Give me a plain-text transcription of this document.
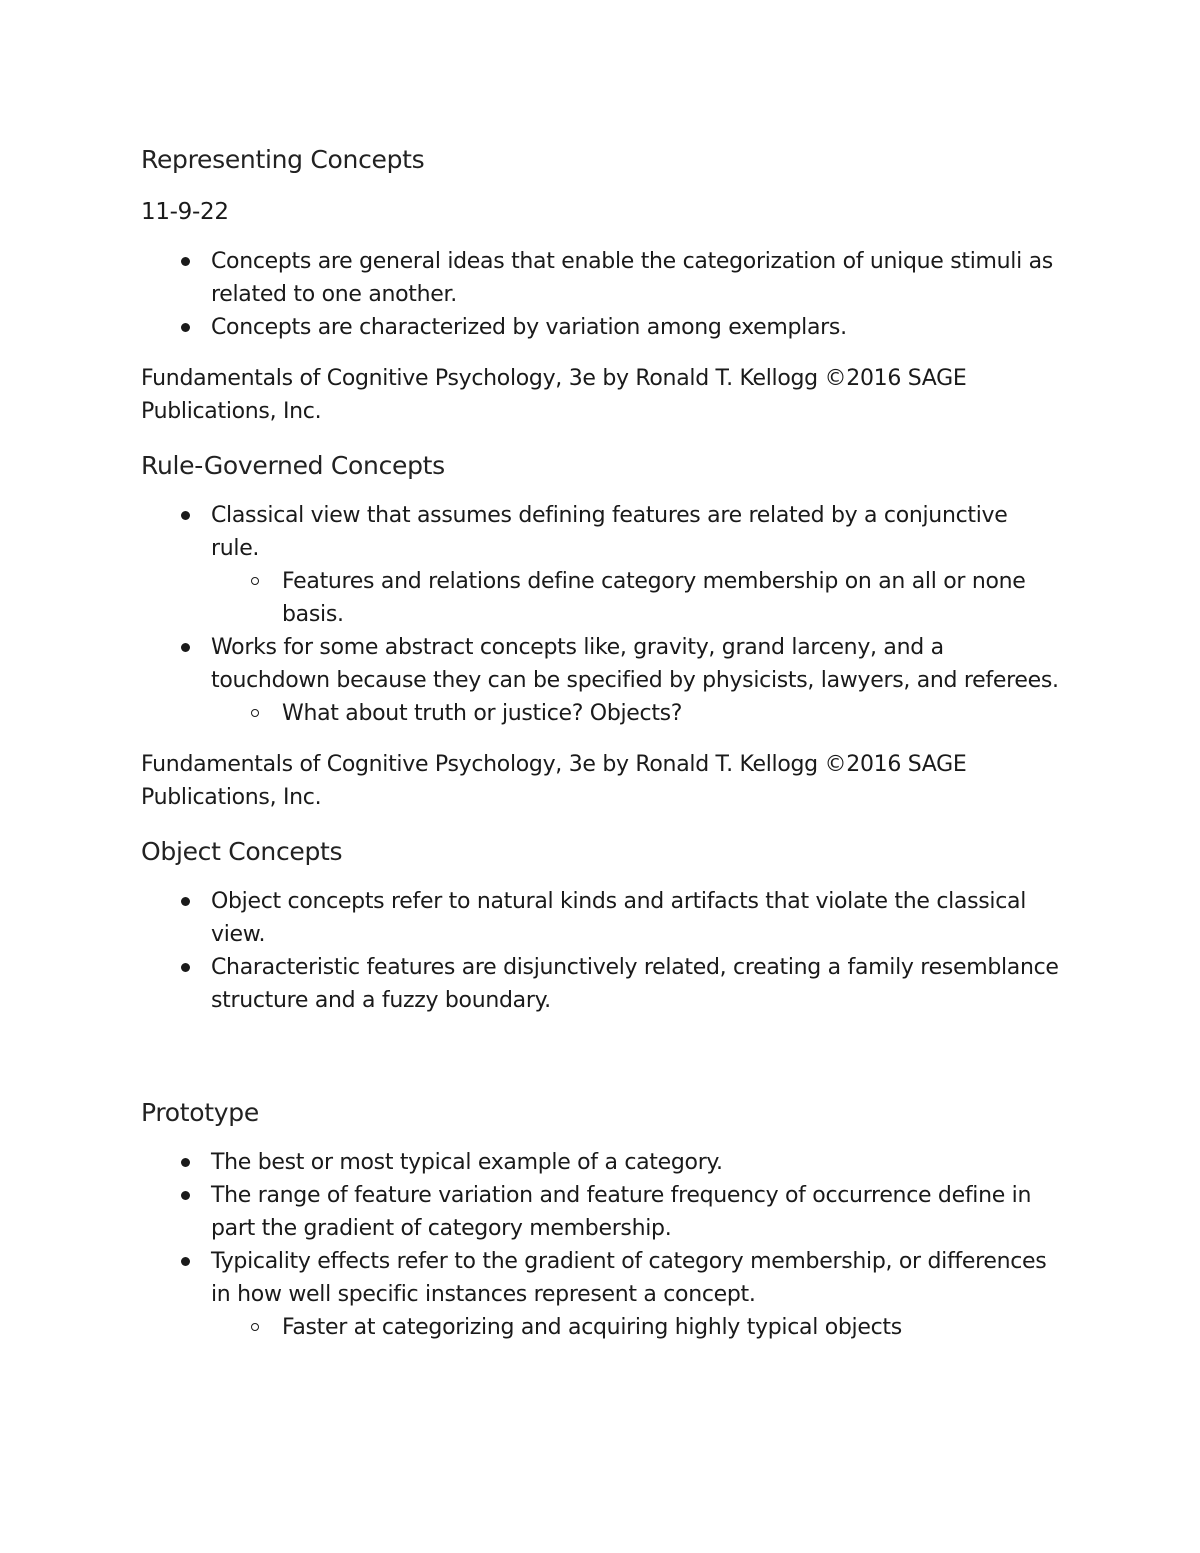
Representing Concepts
11-9-22
Concepts are general ideas that enable the categorization of unique stimuli as related to one another.
Concepts are characterized by variation among exemplars.

Fundamentals of Cognitive Psychology, 3e by Ronald T. Kellogg ©2016 SAGE Publications, Inc.

Rule-Governed Concepts
Classical view that assumes defining features are related by a conjunctive rule.
Features and relations define category membership on an all or none basis.
Works for some abstract concepts like, gravity, grand larceny, and a touchdown because they can be specified by physicists, lawyers, and referees.
What about truth or justice? Objects?

Fundamentals of Cognitive Psychology, 3e by Ronald T. Kellogg ©2016 SAGE Publications, Inc.

Object Concepts
Object concepts refer to natural kinds and artifacts that violate the classical view.
Characteristic features are disjunctively related, creating a family resemblance structure and a fuzzy boundary.
Prototype
The best or most typical example of a category.
The range of feature variation and feature frequency of occurrence define in part the gradient of category membership.
Typicality effects refer to the gradient of category membership, or differences in how well specific instances represent a concept.
Faster at categorizing and acquiring highly typical objects
